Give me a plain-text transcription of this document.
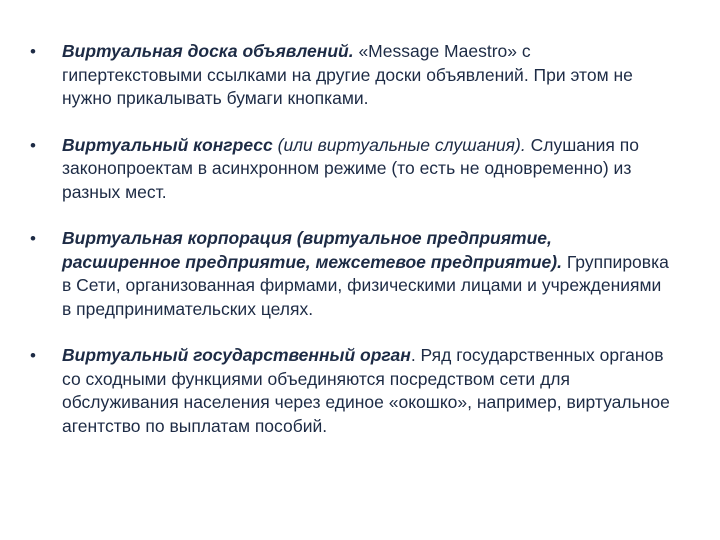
• Виртуальная доска объявлений. «Message Maestro» с гипертекстовыми ссылками на другие доски объявлений. При этом не нужно прикалывать бумаги кнопками.
• Виртуальный конгресс (или виртуальные слушания). Слушания по законопроектам в асинхронном режиме (то есть не одновременно) из разных мест.
• Виртуальная корпорация (виртуальное предприятие, расширенное предприятие, межсетевое предприятие). Группировка в Сети, организованная фирмами, физическими лицами и учреждениями в предпринимательских целях.
• Виртуальный государственный орган. Ряд государственных органов со сходными функциями объединяются посредством сети для обслуживания населения через единое «окошко», например, виртуальное агентство по выплатам пособий.
